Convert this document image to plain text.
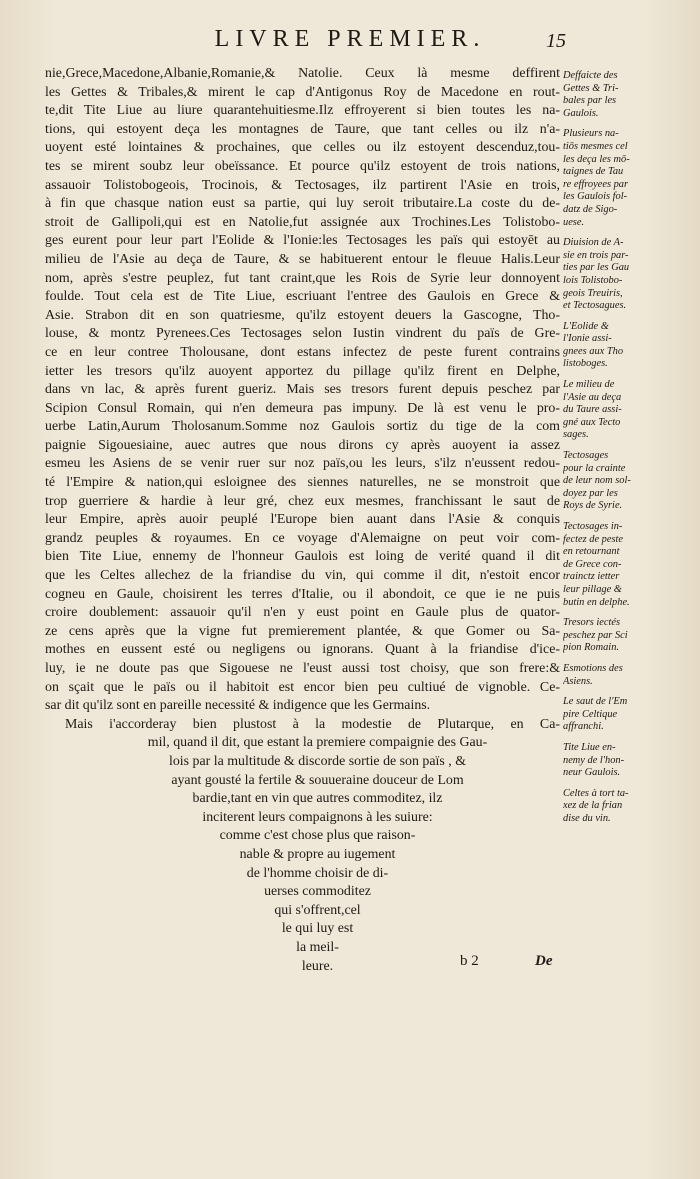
LIVRE PREMIER.	15
nie,Grece,Macedone,Albanie,Romanie,& Natolie. Ceux là mesme deffirent
les Gettes & Tribales,& mirent le cap d'Antigonus Roy de Macedone en rout-
te,dit Tite Liue au liure quarantehuitiesme.Ilz effroyerent si bien toutes les na-
tions, qui estoyent deça les montagnes de Taure, que tant celles ou ilz n'a-
uoyent esté lointaines & prochaines, que celles ou ilz estoyent descenduz,tou-
tes se mirent soubz leur obeïssance. Et pource qu'ilz estoyent de trois nations,
assauoir Tolistobogeois, Trocinois, & Tectosages, ilz partirent l'Asie en trois,
à fin que chasque nation eust sa partie, qui luy seroit tributaire.La coste du de-
stroit de Gallipoli,qui est en Natolie,fut assignée aux Trochines.Les Tolistobo-
ges eurent pour leur part l'Eolide & l'Ionie:les Tectosages les païs qui estoyēt au
milieu de l'Asie au deça de Taure, & se habituerent entour le fleuue Halis.Leur
nom, après s'estre peuplez, fut tant craint,que les Rois de Syrie leur donnoyent
foulde. Tout cela est de Tite Liue, escriuant l'entree des Gaulois en Grece &
Asie. Strabon dit en son quatriesme, qu'ilz estoyent deuers la Gascogne, Tho-
louse, & montz Pyrenees.Ces Tectosages selon Iustin vindrent du païs de Gre-
ce en leur contree Tholousane, dont estans infectez de peste furent contrains
ietter les tresors qu'ilz auoyent apportez du pillage qu'ilz firent en Delphe,
dans vn lac, & après furent gueriz. Mais ses tresors furent depuis peschez par
Scipion Consul Romain, qui n'en demeura pas impuny. De là est venu le pro-
uerbe Latin,Aurum Tholosanum.Somme noz Gaulois sortiz du tige de la com
paignie Sigouesiaine, auec autres que nous dirons cy après auoyent ia assez
esmeu les Asiens de se venir ruer sur noz païs,ou les leurs, s'ilz n'eussent redou-
té l'Empire & nation,qui esloignee des siennes naturelles, ne se monstroit que
trop guerriere & hardie à leur gré, chez eux mesmes, franchissant le saut de
leur Empire, après auoir peuplé l'Europe bien auant dans l'Asie & conquis
grandz peuples & royaumes. En ce voyage d'Alemaigne on peut voir com-
bien Tite Liue, ennemy de l'honneur Gaulois est loing de verité quand il dit
que les Celtes allechez de la friandise du vin, qui comme il dit, n'estoit encor
cogneu en Gaule, choisirent les terres d'Italie, ou il abondoit, ce que ie ne puis
croire doublement: assauoir qu'il n'en y eust point en Gaule plus de quator-
ze cens après que la vigne fut premierement plantée, & que Gomer ou Sa-
mothes en eussent esté ou negligens ou ignorans. Quant à la friandise d'ice-
luy, ie ne doute pas que Sigouese ne l'eust aussi tost choisy, que son frere:&
on sçait que le païs ou il habitoit est encor bien peu cultiué de vignoble. Ce-
sar dit qu'ilz sont en pareille necessité & indigence que les Germains.
Mais i'accorderay bien plustost à la modestie de Plutarque, en Ca-
mil, quand il dit, que estant la premiere compaignie des Gau-
lois par la multitude & discorde sortie de son païs , &
ayant gousté la fertile & souueraine douceur de Lom
bardie,tant en vin que autres commoditez, ilz
inciterent leurs compaignons à les suiure:
comme c'est chose plus que raison-
nable & propre au iugement
de l'homme choisir de di-
uerses commoditez
qui s'offrent,cel
le qui luy est
la meil-
leure.
Deffaicte des
Gettes & Tri-
bales par les
Gaulois.
Plusieurs na-
tiōs mesmes cel
les deça les mō-
taignes de Tau
re effroyees par
les Gaulois fol-
datz de Sigo-
uese.
Diuision de A-
sie en trois par-
ties par les Gau
lois Tolistobo-
geois Treuiris,
et Tectosagues.
L'Eolide &
l'Ionie assi-
gnees aux Tho
listoboges.
Le milieu de
l'Asie au deça
du Taure assi-
gné aux Tecto
sages.
Tectosages
pour la crainte
de leur nom sol-
doyez par les
Roys de Syrie.
Tectosages in-
fectez de peste
en retournant
de Grece con-
trainctz ietter
leur pillage &
butin en delphe.
Tresors iectés
peschez par Sci
pion Romain.
Esmotions des
Asiens.
Le saut de l'Em
pire Celtique
affranchi.
Tite Liue en-
nemy de l'hon-
neur Gaulois.
Celtes à tort ta-
xez de la frian
dise du vin.
b 2	De
